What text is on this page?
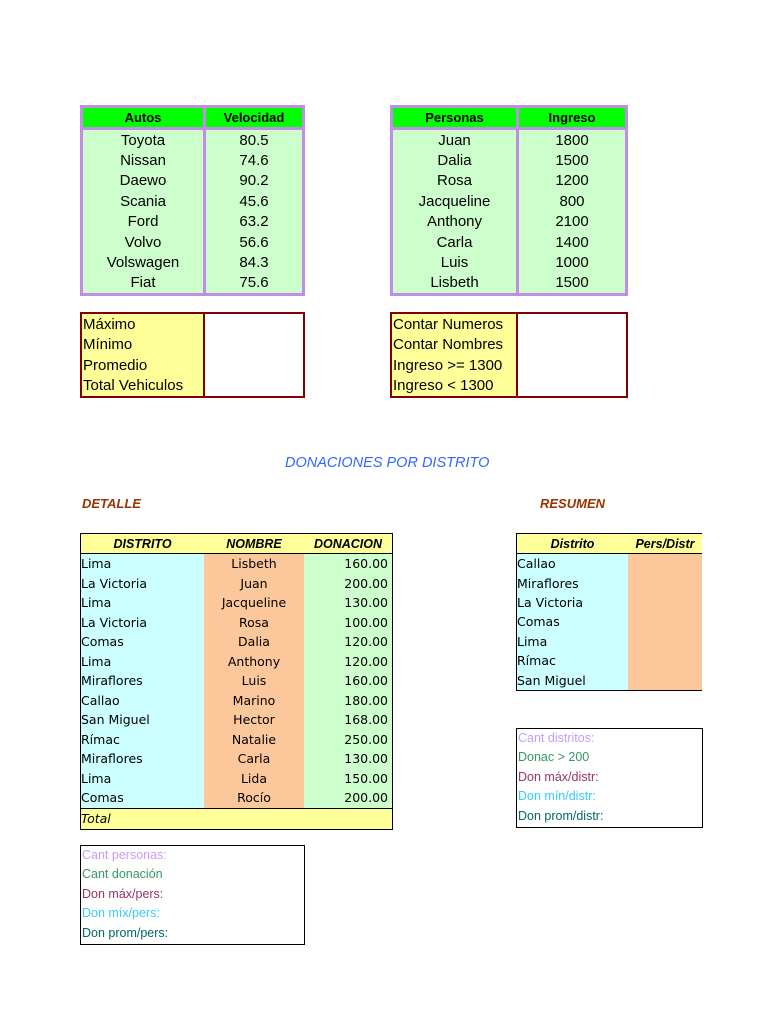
Autos	Velocidad
Toyota	80.5
Nissan	74.6
Daewo	90.2
Scania	45.6
Ford	63.2
Volvo	56.6
Volswagen	84.3
Fiat	75.6
Personas	Ingreso
Juan	1800
Dalia	1500
Rosa	1200
Jacqueline	800
Anthony	2100
Carla	1400
Luis	1000
Lisbeth	1500
Máximo	
Mínimo	
Promedio	
Total Vehiculos	
Contar Numeros	
Contar Nombres	
Ingreso >= 1300	
Ingreso < 1300	
DONACIONES POR DISTRITO
DETALLE	RESUMEN
DISTRITO	NOMBRE	DONACION
Lima	Lisbeth	160.00
La Victoria	Juan	200.00
Lima	Jacqueline	130.00
La Victoria	Rosa	100.00
Comas	Dalia	120.00
Lima	Anthony	120.00
Miraflores	Luis	160.00
Callao	Marino	180.00
San Miguel	Hector	168.00
Rímac	Natalie	250.00
Miraflores	Carla	130.00
Lima	Lida	150.00
Comas	Rocío	200.00
Total		
Distrito	Pers/Distr
Callao	
Miraflores	
La Victoria	
Comas	
Lima	
Rímac	
San Miguel	
Cant distritos:
Donac > 200
Don máx/distr:
Don mín/distr:
Don prom/distr:
Cant personas:
Cant donación
Don máx/pers:
Don míx/pers:
Don prom/pers:
